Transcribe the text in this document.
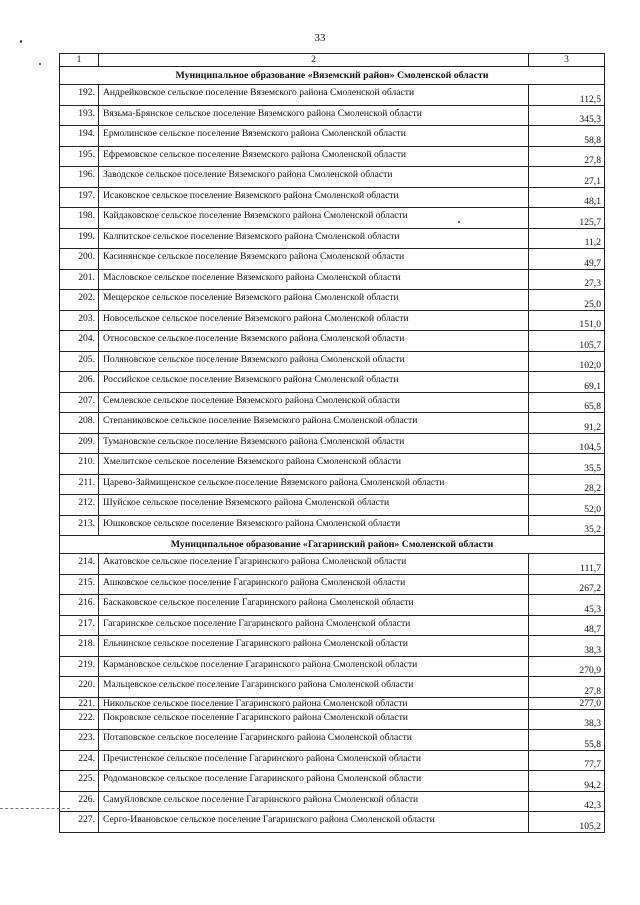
33
1	2	3
Муниципальное образование «Вяземский район» Смоленской области		
192.	Андрейковское сельское поселение Вяземского района Смоленской области	112,5
193.	Вязьма-Брянское сельское поселение Вяземского района Смоленской области	345,3
194.	Ермолинское сельское поселение Вяземского района Смоленской области	58,8
195.	Ефремовское сельское поселение Вяземского района Смоленской области	27,8
196.	Заводское сельское поселение Вяземского района Смоленской области	27,1
197.	Исаковское сельское поселение Вяземского района Смоленской области	48,1
198.	Кайдаковское сельское поселение Вяземского района Смоленской области	125,7
199.	Калпитское сельское поселение Вяземского района Смоленской области	11,2
200.	Касинянское сельское поселение Вяземского района Смоленской области	49,7
201.	Масловское сельское поселение Вяземского района Смоленской области	27,3
202.	Мещерское сельское поселение Вяземского района Смоленской области	25,0
203.	Новосельское сельское поселение Вяземского района Смоленской области	151,0
204.	Относовское сельское поселение Вяземского района Смоленской области	105,7
205.	Поляновское сельское поселение Вяземского района Смоленской области	102,0
206.	Российское сельское поселение Вяземского района Смоленской области	69,1
207.	Семлевское сельское поселение Вяземского района Смоленской области	65,8
208.	Степаниковское сельское поселение Вяземского района Смоленской области	91,2
209.	Тумановское сельское поселение Вяземского района Смоленской области	104,5
210.	Хмелитское сельское поселение Вяземского района Смоленской области	35,5
211.	Царево-Займищенское сельское поселение Вяземского района Смоленской области	28,2
212.	Шуйское сельское поселение Вяземского района Смоленской области	52,0
213.	Юшковское сельское поселение Вяземского района Смоленской области	35,2
Муниципальное образование «Гагаринский район» Смоленской области		
214.	Акатовское сельское поселение Гагаринского района Смоленской области	111,7
215.	Ашковское сельское поселение Гагаринского района Смоленской области	267,2
216.	Баскаковское сельское поселение Гагаринского района Смоленской области	45,3
217.	Гагаринское сельское поселение Гагаринского района Смоленской области	48,7
218.	Ельнинское сельское поселение Гагаринского района Смоленской области	38,3
219.	Кармановское сельское поселение Гагаринского района Смоленской области	270,9
220.	Мальцевское сельское поселение Гагаринского района Смоленской области	27,8
221.	Никольское сельское поселение Гагаринского района Смоленской области	277,0
222.	Покровское сельское поселение Гагаринского района Смоленской области	38,3
223.	Потаповское сельское поселение Гагаринского района Смоленской области	55,8
224.	Пречистенское сельское поселение Гагаринского района Смоленской области	77,7
225.	Родомановское сельское поселение Гагаринского района Смоленской области	94,2
226.	Самуйловское сельское поселение Гагаринского района Смоленской области	42,3
227.	Серго-Ивановское сельское поселение Гагаринского района Смоленской области	105,2
